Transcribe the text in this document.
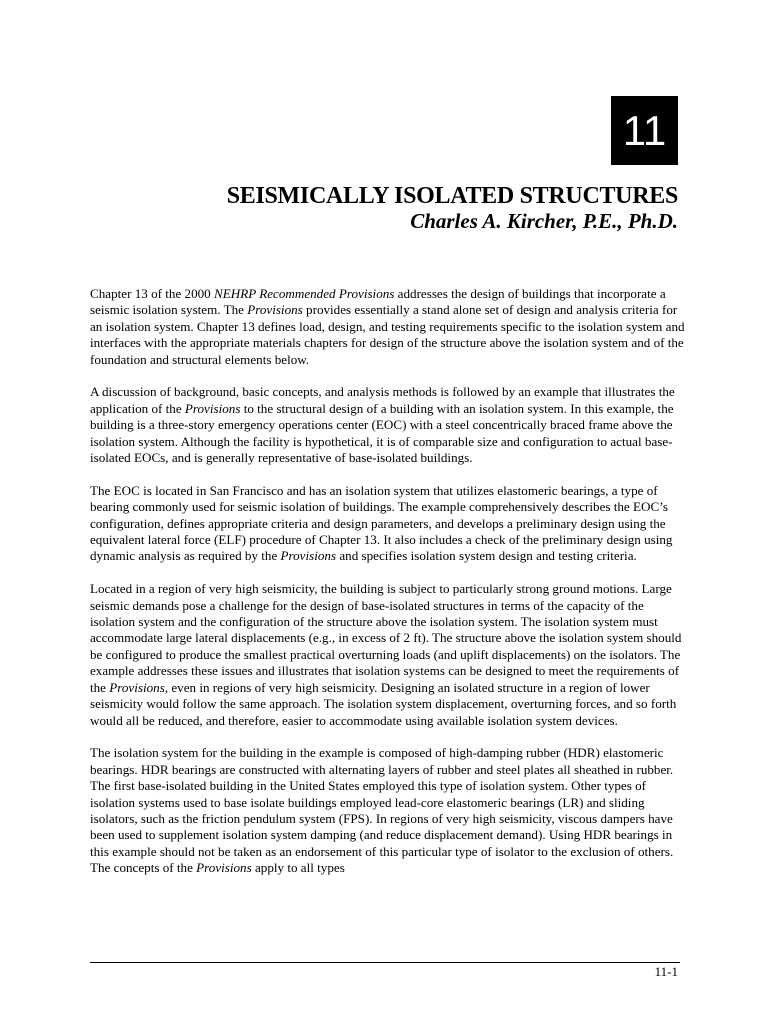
11
SEISMICALLY ISOLATED STRUCTURES
Charles A. Kircher, P.E., Ph.D.

Chapter 13 of the 2000 NEHRP Recommended Provisions addresses the design of buildings that incorporate a seismic isolation system. The Provisions provides essentially a stand alone set of design and analysis criteria for an isolation system. Chapter 13 defines load, design, and testing requirements specific to the isolation system and interfaces with the appropriate materials chapters for design of the structure above the isolation system and of the foundation and structural elements below.

A discussion of background, basic concepts, and analysis methods is followed by an example that illustrates the application of the Provisions to the structural design of a building with an isolation system. In this example, the building is a three-story emergency operations center (EOC) with a steel concentrically braced frame above the isolation system. Although the facility is hypothetical, it is of comparable size and configuration to actual base-isolated EOCs, and is generally representative of base-isolated buildings.

The EOC is located in San Francisco and has an isolation system that utilizes elastomeric bearings, a type of bearing commonly used for seismic isolation of buildings. The example comprehensively describes the EOC’s configuration, defines appropriate criteria and design parameters, and develops a preliminary design using the equivalent lateral force (ELF) procedure of Chapter 13. It also includes a check of the preliminary design using dynamic analysis as required by the Provisions and specifies isolation system design and testing criteria.

Located in a region of very high seismicity, the building is subject to particularly strong ground motions. Large seismic demands pose a challenge for the design of base-isolated structures in terms of the capacity of the isolation system and the configuration of the structure above the isolation system. The isolation system must accommodate large lateral displacements (e.g., in excess of 2 ft). The structure above the isolation system should be configured to produce the smallest practical overturning loads (and uplift displacements) on the isolators. The example addresses these issues and illustrates that isolation systems can be designed to meet the requirements of the Provisions, even in regions of very high seismicity. Designing an isolated structure in a region of lower seismicity would follow the same approach. The isolation system displacement, overturning forces, and so forth would all be reduced, and therefore, easier to accommodate using available isolation system devices.

The isolation system for the building in the example is composed of high-damping rubber (HDR) elastomeric bearings. HDR bearings are constructed with alternating layers of rubber and steel plates all sheathed in rubber. The first base-isolated building in the United States employed this type of isolation system. Other types of isolation systems used to base isolate buildings employed lead-core elastomeric bearings (LR) and sliding isolators, such as the friction pendulum system (FPS). In regions of very high seismicity, viscous dampers have been used to supplement isolation system damping (and reduce displacement demand). Using HDR bearings in this example should not be taken as an endorsement of this particular type of isolator to the exclusion of others. The concepts of the Provisions apply to all types

11-1
